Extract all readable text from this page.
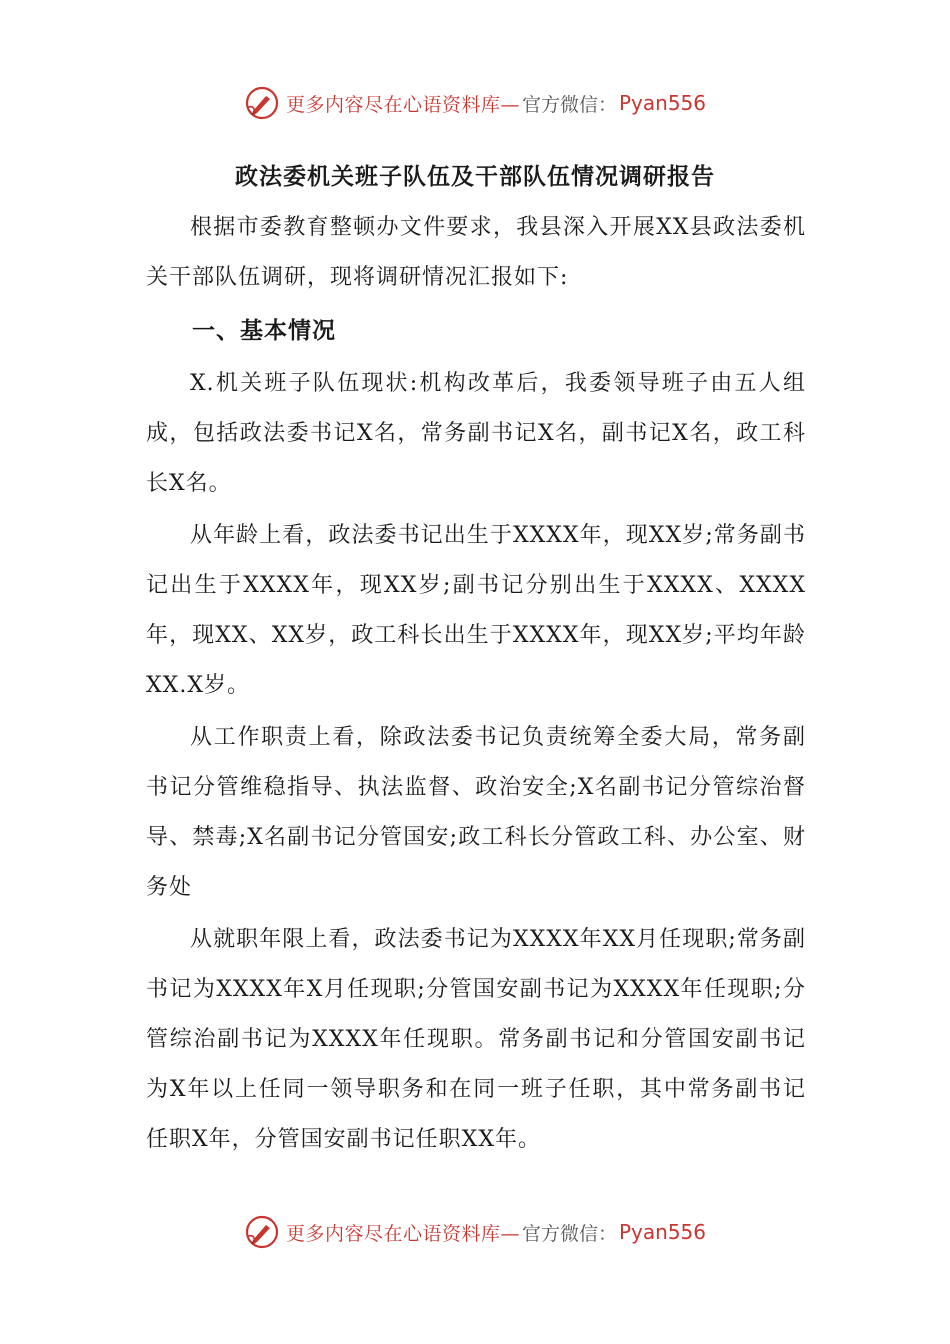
更多内容尽在心语资料库— 官方微信： Pyan556
政法委机关班子队伍及干部队伍情况调研报告

根据市委教育整顿办文件要求，我县深入开展XX县政法委机关干部队伍调研，现将调研情况汇报如下:

一、基本情况

X.机关班子队伍现状:机构改革后，我委领导班子由五人组成，包括政法委书记X名，常务副书记X名，副书记X名，政工科长X名。

从年龄上看，政法委书记出生于XXXX年，现XX岁;常务副书记出生于XXXX年，现XX岁;副书记分别出生于XXXX、XXXX年，现XX、XX岁，政工科长出生于XXXX年，现XX岁;平均年龄XX.X岁。

从工作职责上看，除政法委书记负责统筹全委大局，常务副书记分管维稳指导、执法监督、政治安全;X名副书记分管综治督导、禁毒;X名副书记分管国安;政工科长分管政工科、办公室、财务处

从就职年限上看，政法委书记为XXXX年XX月任现职;常务副书记为XXXX年X月任现职;分管国安副书记为XXXX年任现职;分管综治副书记为XXXX年任现职。常务副书记和分管国安副书记为X年以上任同一领导职务和在同一班子任职，其中常务副书记任职X年，分管国安副书记任职XX年。

更多内容尽在心语资料库— 官方微信： Pyan556
